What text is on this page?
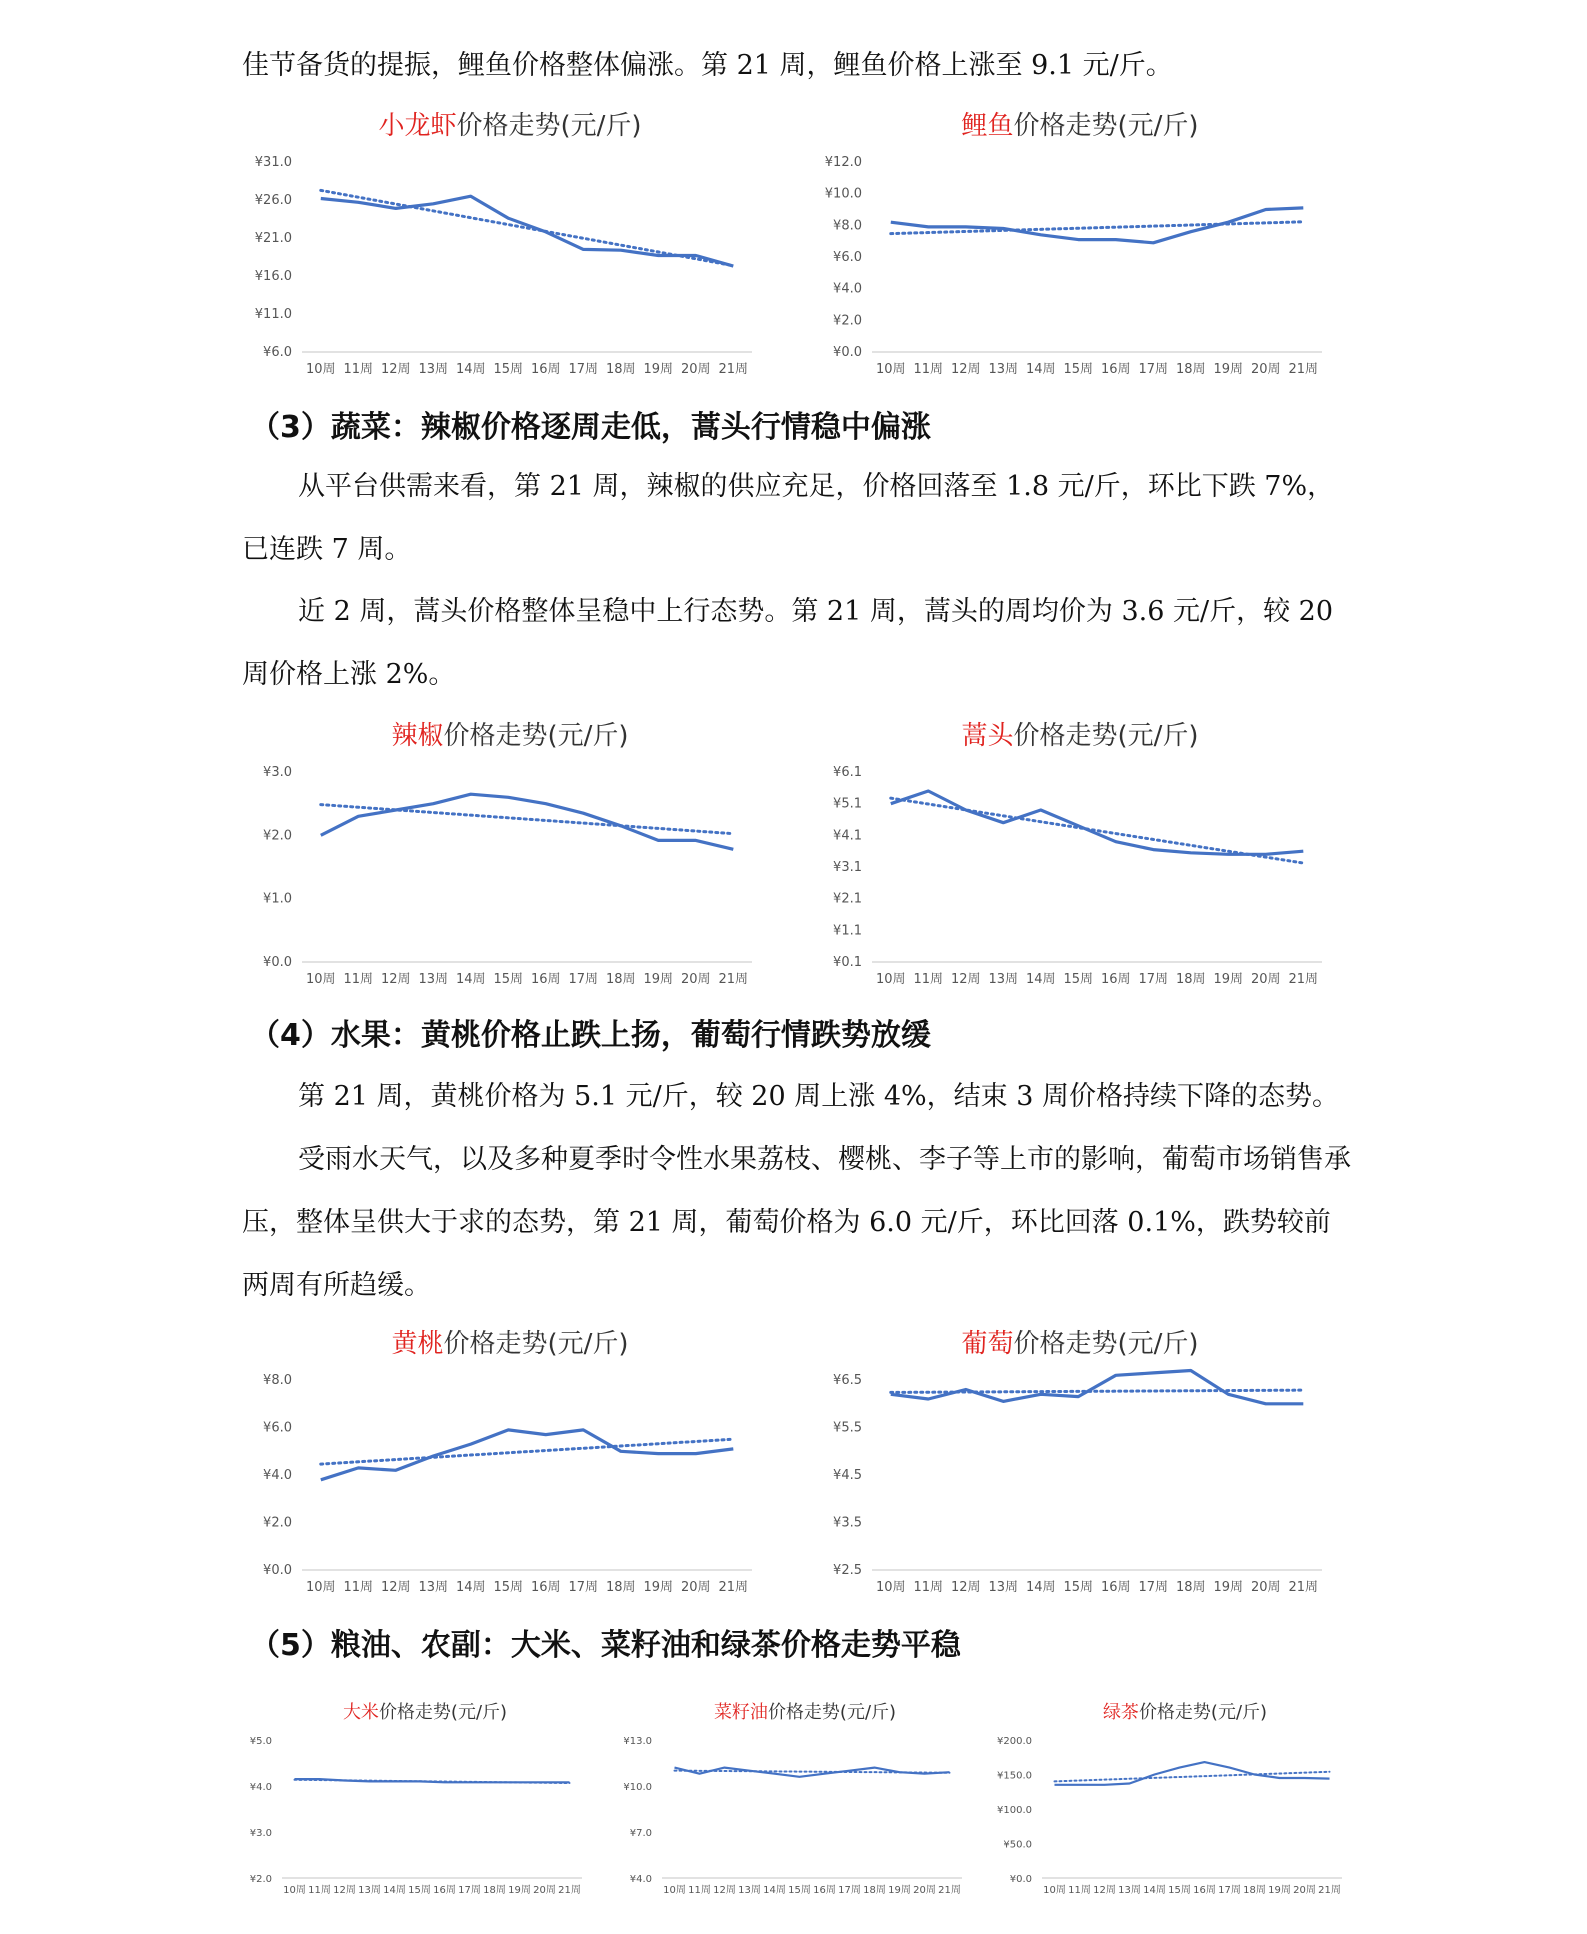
佳节备货的提振，鲤鱼价格整体偏涨。第 21 周，鲤鱼价格上涨至 9.1 元/斤。

小龙虾价格走势(元/斤)
¥31.0
¥26.0
¥21.0
¥16.0
¥11.0
¥6.0
10周 11周 12周 13周 14周 15周 16周 17周 18周 19周 20周 21周
鲤鱼价格走势(元/斤)
¥12.0
¥10.0
¥8.0
¥6.0
¥4.0
¥2.0
¥0.0
10周 11周 12周 13周 14周 15周 16周 17周 18周 19周 20周 21周

（3）蔬菜：辣椒价格逐周走低，蒿头行情稳中偏涨

从平台供需来看，第 21 周，辣椒的供应充足，价格回落至 1.8 元/斤，环比下跌 7%，已连跌 7 周。

近 2 周，蒿头价格整体呈稳中上行态势。第 21 周，蒿头的周均价为 3.6 元/斤，较 20 周价格上涨 2%。

辣椒价格走势(元/斤)
¥3.0
¥2.0
¥1.0
¥0.0
10周 11周 12周 13周 14周 15周 16周 17周 18周 19周 20周 21周
蒿头价格走势(元/斤)
¥6.1
¥5.1
¥4.1
¥3.1
¥2.1
¥1.1
¥0.1
10周 11周 12周 13周 14周 15周 16周 17周 18周 19周 20周 21周

（4）水果：黄桃价格止跌上扬，葡萄行情跌势放缓

第 21 周，黄桃价格为 5.1 元/斤，较 20 周上涨 4%，结束 3 周价格持续下降的态势。

受雨水天气，以及多种夏季时令性水果荔枝、樱桃、李子等上市的影响，葡萄市场销售承压，整体呈供大于求的态势，第 21 周，葡萄价格为 6.0 元/斤，环比回落 0.1%，跌势较前两周有所趋缓。

黄桃价格走势(元/斤)
¥8.0
¥6.0
¥4.0
¥2.0
¥0.0
10周 11周 12周 13周 14周 15周 16周 17周 18周 19周 20周 21周
葡萄价格走势(元/斤)
¥6.5
¥5.5
¥4.5
¥3.5
¥2.5
10周 11周 12周 13周 14周 15周 16周 17周 18周 19周 20周 21周

（5）粮油、农副：大米、菜籽油和绿茶价格走势平稳

大米价格走势(元/斤)
¥5.0
¥4.0
¥3.0
¥2.0
10周 11周 12周 13周 14周 15周 16周 17周 18周 19周 20周 21周
菜籽油价格走势(元/斤)
¥13.0
¥10.0
¥7.0
¥4.0
10周 11周 12周 13周 14周 15周 16周 17周 18周 19周 20周 21周
绿茶价格走势(元/斤)
¥200.0
¥150.0
¥100.0
¥50.0
¥0.0
10周 11周 12周 13周 14周 15周 16周 17周 18周 19周 20周 21周
